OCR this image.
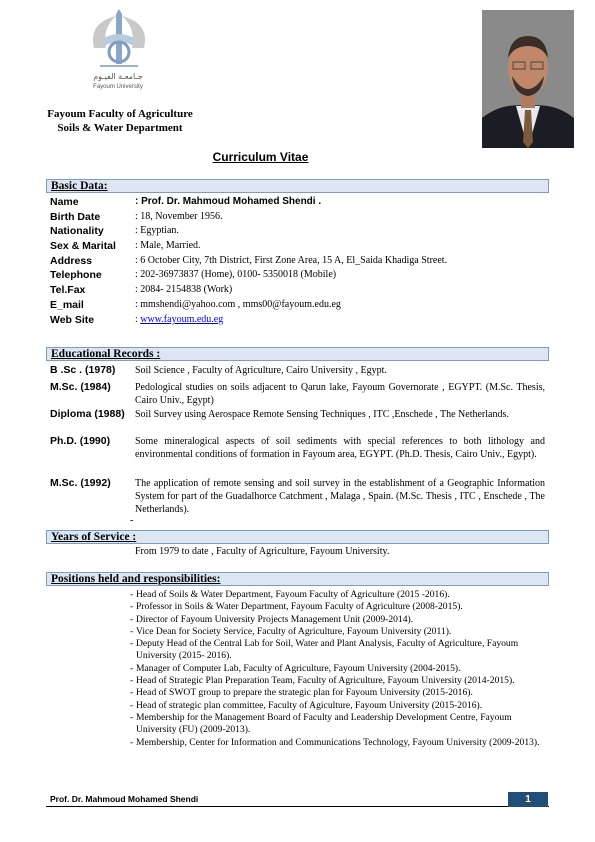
جـامعـة الفيـوم
Fayoum University
Fayoum Faculty of Agriculture
Soils & Water Department
Curriculum Vitae
Basic Data:
Name	: Prof. Dr. Mahmoud Mohamed Shendi .
Birth Date	: 18, November 1956.
Nationality	: Egyptian.
Sex & Marital : Male, Married.
Address	: 6 October City, 7th District, First Zone Area, 15 A, El_Saida Khadiga Street.
Telephone	: 202-36973837 (Home), 0100- 5350018 (Mobile)
Tel.Fax	: 2084- 2154838 (Work)
E_mail	: mmshendi@yahoo.com , mms00@fayoum.edu.eg
Web Site	: www.fayoum.edu.eg
Educational Records :
B .Sc . (1978) Soil Science , Faculty of Agriculture, Cairo University , Egypt.
M.Sc. (1984) Pedological studies on soils adjacent to Qarun lake, Fayoum Governorate , EGYPT. (M.Sc. Thesis, Cairo Univ., Egypt)
Diploma (1988) Soil Survey using Aerospace Remote Sensing Techniques , ITC ,Enschede , The Netherlands.
Ph.D. (1990) Some mineralogical aspects of soil sediments with special references to both lithology and environmental conditions of formation in Fayoum area, EGYPT. (Ph.D. Thesis, Cairo Univ., Egypt).
M.Sc. (1992) The application of remote sensing and soil survey in the establishment of a Geographic Information System for part of the Guadalhorce Catchment , Malaga , Spain. (M.Sc. Thesis , ITC , Enschede , The Netherlands).
-
Years of Service :
From 1979 to date , Faculty of Agriculture, Fayoum University.
Positions held and responsibilities:
- Head of Soils & Water Department, Fayoum Faculty of Agriculture (2015 -2016).
- Professor in Soils & Water Department, Fayoum Faculty of Agriculture (2008-2015).
- Director of Fayoum University Projects Management Unit (2009-2014).
- Vice Dean for Society Service, Faculty of Agriculture, Fayoum University (2011).
- Deputy Head of the Central Lab for Soil, Water and Plant Analysis, Faculty of Agriculture, Fayoum University (2015- 2016).
- Manager of Computer Lab, Faculty of Agriculture, Fayoum University (2004-2015).
- Head of Strategic Plan Preparation Team, Faculty of Agriculture, Fayoum University (2014-2015).
- Head of SWOT group to prepare the strategic plan for Fayoum University (2015-2016).
- Head of strategic plan committee, Faculty of Agiculture, Fayoum University (2015-2016).
- Membership for the Management Board of Faculty and Leadership Development Centre, Fayoum University (FU) (2009-2013).
- Membership, Center for Information and Communications Technology, Fayoum University (2009-2013).
Prof. Dr. Mahmoud Mohamed Shendi	1
